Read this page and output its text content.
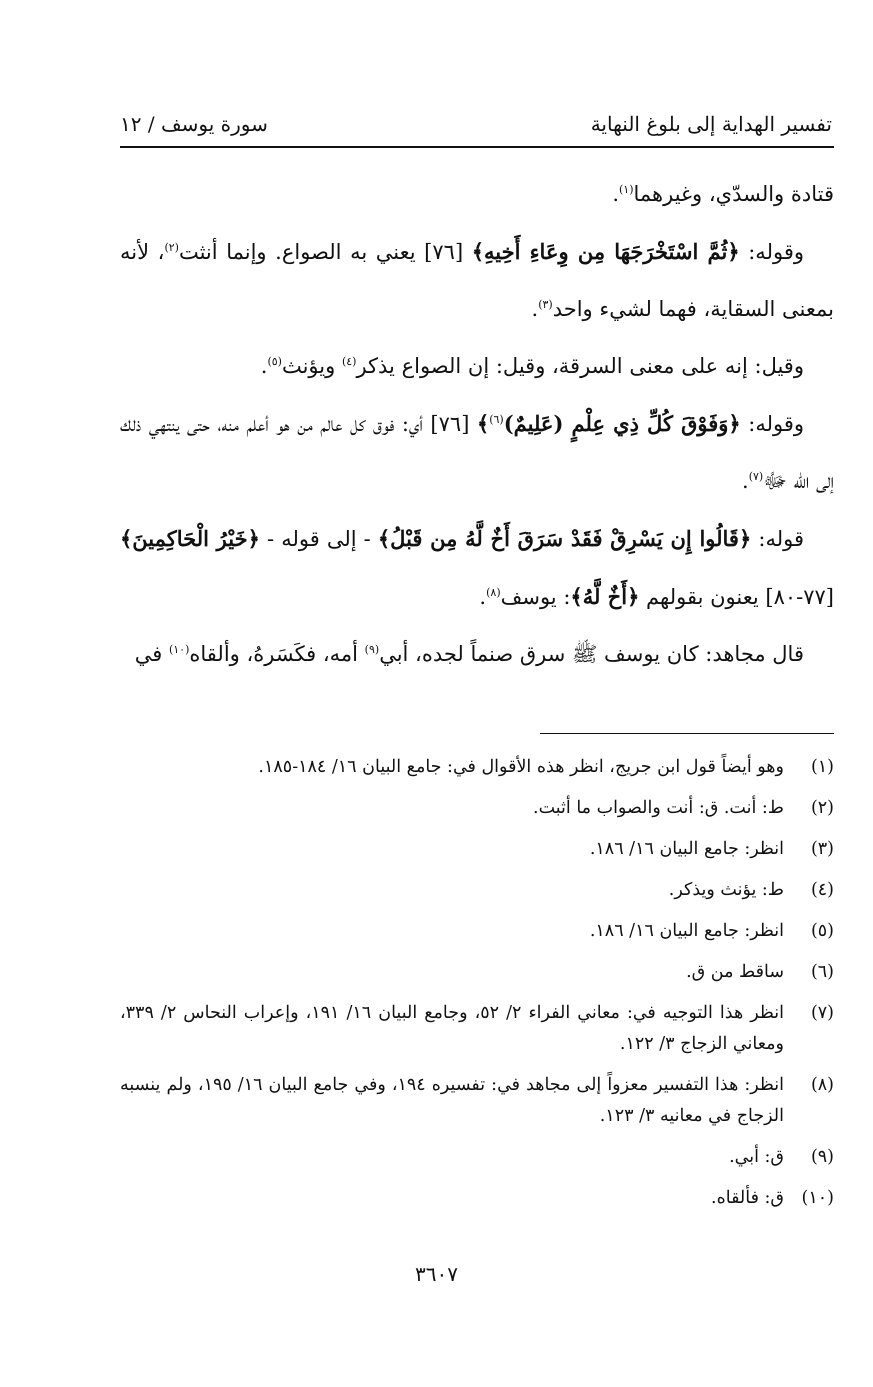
سورة يوسف / ١٢	تفسير الهداية إلى بلوغ النهاية

قتادة والسدّي، وغيرهما$^{(١)}$.

وقوله: ﴿ثُمَّ اسْتَخْرَجَهَا مِن وِعَاءِ أَخِيهِ﴾ [٧٦] يعني به الصواع. وإنما أنثت$^{(٢)}$، لأنه بمعنى السقاية، فهما لشيء واحد$^{(٣)}$.

وقيل: إنه على معنى السرقة، وقيل: إن الصواع يذكر$^{(٤)}$ ويؤنث$^{(٥)}$.

وقوله: ﴿وَفَوْقَ كُلِّ ذِي عِلْمٍ (عَلِيمٌ)$^{(٦)}$﴾ [٧٦] أي: فوق كل عالم من هو أعلم منه، حتى ينتهي ذلك إلى الله ﷻ$^{(٧)}$.

قوله: ﴿قَالُوا إِن يَسْرِقْ فَقَدْ سَرَقَ أَخٌ لَّهُ مِن قَبْلُ﴾ - إلى قوله - ﴿خَيْرُ الْحَاكِمِينَ﴾ [٧٧-٨٠] يعنون بقولهم ﴿أَخٌ لَّهُ﴾: يوسف$^{(٨)}$.

قال مجاهد: كان يوسف ﷺ سرق صنماً لجده، أبي$^{(٩)}$ أمه، فكَسَرهُ، وألقاه$^{(١٠)}$ في

(١)
وهو أيضاً قول ابن جريج، انظر هذه الأقوال في: جامع البيان ١٦/ ١٨٤-١٨٥.
(٢)
ط: أنت. ق: أنت والصواب ما أثبت.
(٣)
انظر: جامع البيان ١٦/ ١٨٦.
(٤)
ط: يؤنث ويذكر.
(٥)
انظر: جامع البيان ١٦/ ١٨٦.
(٦)
ساقط من ق.
(٧)
انظر هذا التوجيه في: معاني الفراء ٢/ ٥٢، وجامع البيان ١٦/ ١٩١، وإعراب النحاس ٢/ ٣٣٩، ومعاني الزجاج ٣/ ١٢٢.
(٨)
انظر: هذا التفسير معزواً إلى مجاهد في: تفسيره ١٩٤، وفي جامع البيان ١٦/ ١٩٥، ولم ينسبه الزجاج في معانيه ٣/ ١٢٣.
(٩)
ق: أبي.
(١٠)
ق: فألقاه.
٣٦٠٧
